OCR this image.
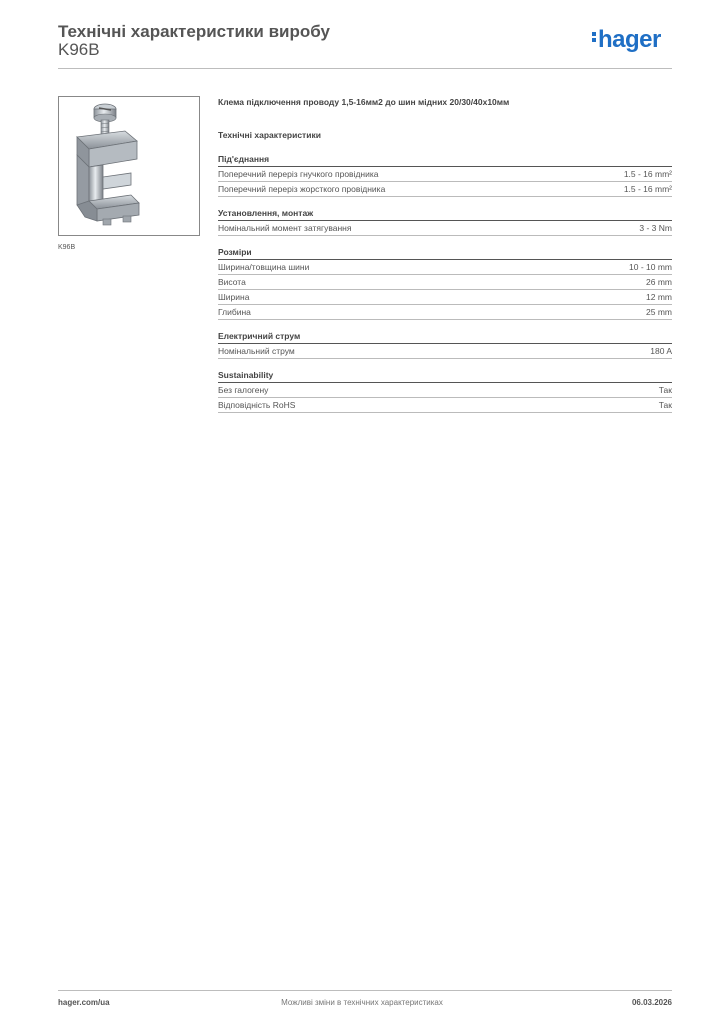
Технічні характеристики виробу
K96B	hager
K96B
Клема підключення проводу 1,5-16мм2 до шин мідних 20/30/40x10мм
Технічні характеристики
Під'єднання
Поперечний переріз гнучкого провідника	1.5 - 16 mm²
Поперечний переріз жорсткого провідника	1.5 - 16 mm²
Установлення, монтаж
Номінальний момент затягування	3 - 3 Nm
Розміри
Ширина/товщина шини	10 - 10 mm
Висота	26 mm
Ширина	12 mm
Глибина	25 mm
Електричний струм
Номінальний струм	180 A
Sustainability
Без галогену	Так
Відповідність RoHS	Так
hager.com/ua	Можливі зміни в технічних характеристиках	06.03.2026
